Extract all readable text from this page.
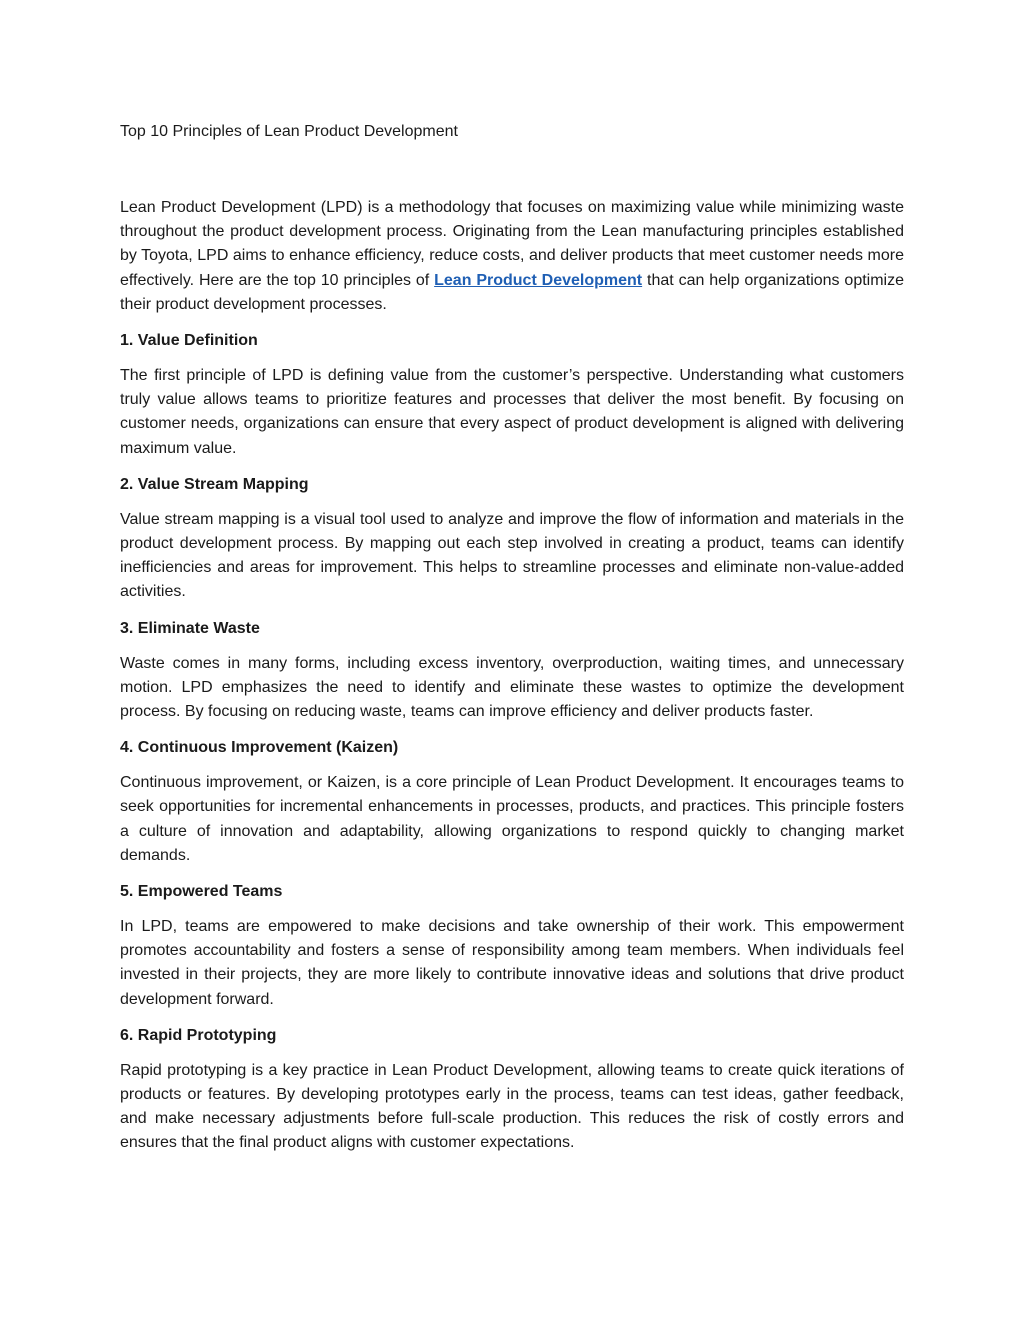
Top 10 Principles of Lean Product Development

Lean Product Development (LPD) is a methodology that focuses on maximizing value while minimizing waste throughout the product development process. Originating from the Lean manufacturing principles established by Toyota, LPD aims to enhance efficiency, reduce costs, and deliver products that meet customer needs more effectively. Here are the top 10 principles of Lean Product Development that can help organizations optimize their product development processes.

1. Value Definition

The first principle of LPD is defining value from the customer’s perspective. Understanding what customers truly value allows teams to prioritize features and processes that deliver the most benefit. By focusing on customer needs, organizations can ensure that every aspect of product development is aligned with delivering maximum value.

2. Value Stream Mapping

Value stream mapping is a visual tool used to analyze and improve the flow of information and materials in the product development process. By mapping out each step involved in creating a product, teams can identify inefficiencies and areas for improvement. This helps to streamline processes and eliminate non-value-added activities.

3. Eliminate Waste

Waste comes in many forms, including excess inventory, overproduction, waiting times, and unnecessary motion. LPD emphasizes the need to identify and eliminate these wastes to optimize the development process. By focusing on reducing waste, teams can improve efficiency and deliver products faster.

4. Continuous Improvement (Kaizen)

Continuous improvement, or Kaizen, is a core principle of Lean Product Development. It encourages teams to seek opportunities for incremental enhancements in processes, products, and practices. This principle fosters a culture of innovation and adaptability, allowing organizations to respond quickly to changing market demands.

5. Empowered Teams

In LPD, teams are empowered to make decisions and take ownership of their work. This empowerment promotes accountability and fosters a sense of responsibility among team members. When individuals feel invested in their projects, they are more likely to contribute innovative ideas and solutions that drive product development forward.

6. Rapid Prototyping

Rapid prototyping is a key practice in Lean Product Development, allowing teams to create quick iterations of products or features. By developing prototypes early in the process, teams can test ideas, gather feedback, and make necessary adjustments before full-scale production. This reduces the risk of costly errors and ensures that the final product aligns with customer expectations.
